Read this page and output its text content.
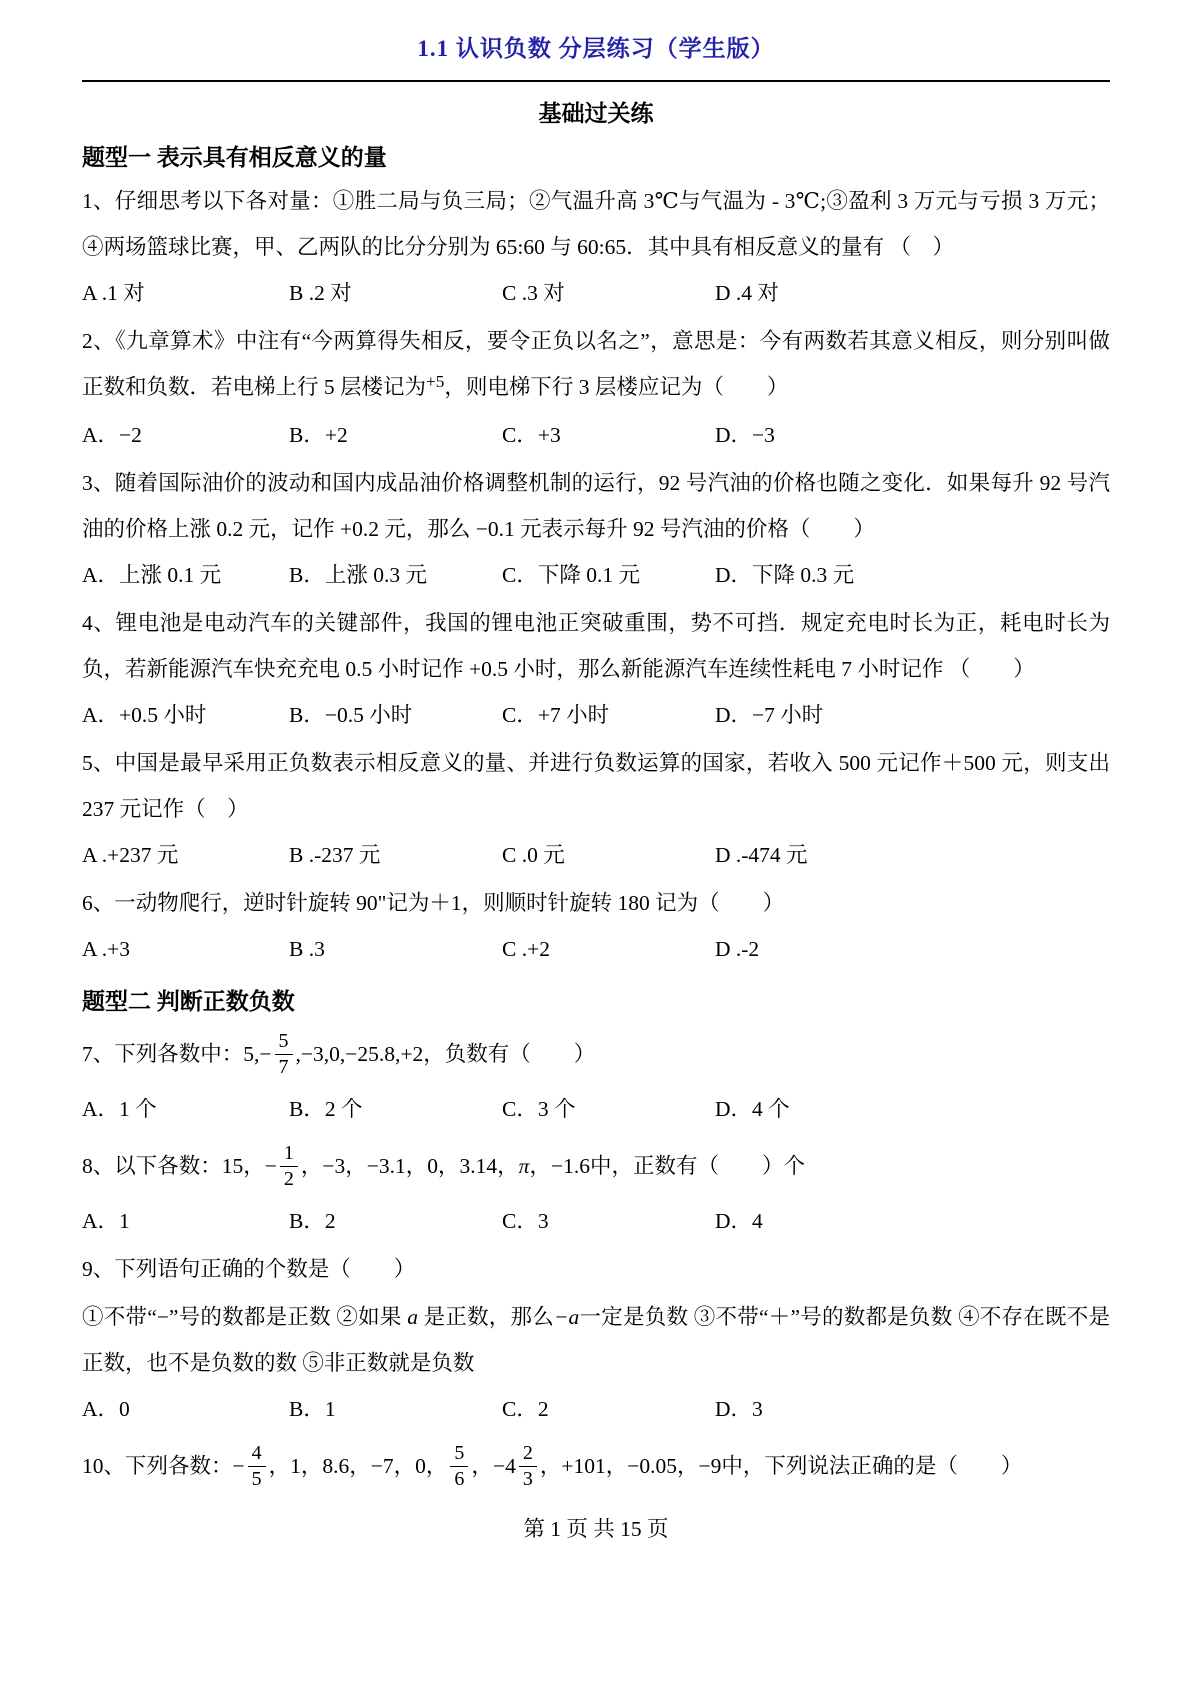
1.1 认识负数 分层练习（学生版）
基础过关练
题型一 表示具有相反意义的量

1、仔细思考以下各对量：①胜二局与负三局；②气温升高 3℃与气温为 - 3℃;③盈利 3 万元与亏损 3 万元；④两场篮球比赛，甲、乙两队的比分分别为 65:60 与 60:65．其中具有相反意义的量有 （　）

A .1 对	B .2 对	C .3 对	D .4 对

2、《九章算术》中注有“今两算得失相反，要令正负以名之”，意思是：今有两数若其意义相反，则分别叫做正数和负数．若电梯上行 5 层楼记为$^{+5}$，则电梯下行 3 层楼应记为（　　）

A．−2	B．+2	C．+3	D．−3

3、随着国际油价的波动和国内成品油价格调整机制的运行，92 号汽油的价格也随之变化．如果每升 92 号汽油的价格上涨 0.2 元，记作 +0.2 元，那么 −0.1 元表示每升 92 号汽油的价格（　　）

A．上涨 0.1 元	B．上涨 0.3 元	C．下降 0.1 元	D．下降 0.3 元

4、锂电池是电动汽车的关键部件，我国的锂电池正突破重围，势不可挡．规定充电时长为正，耗电时长为负，若新能源汽车快充充电 0.5 小时记作 +0.5 小时，那么新能源汽车连续性耗电 7 小时记作 （　　）

A．+0.5 小时	B．−0.5 小时	C．+7 小时	D．−7 小时

5、中国是最早采用正负数表示相反意义的量、并进行负数运算的国家，若收入 500 元记作＋500 元，则支出 237 元记作（　）

A .+237 元	B .-237 元	C .0 元	D .-474 元

6、一动物爬行，逆时针旋转 90"记为＋1，则顺时针旋转 180 记为（　　）

A .+3	B .3	C .+2	D .-2
题型二 判断正数负数

7、下列各数中：$5,- \frac{5}{7} ,-3,0,-25.8,+2$，负数有（　　）

A．1 个	B．2 个	C．3 个	D．4 个

8、以下各数：15，− $\frac{1}{2}$ ，−3，−3.1，0，3.14，π，−1.6中，正数有（　　）个

A．1	B．2	C．3	D．4

9、下列语句正确的个数是（　　）

①不带“−”号的数都是正数 ②如果 a 是正数，那么−a一定是负数 ③不带“＋”号的数都是负数 ④不存在既不是正数，也不是负数的数 ⑤非正数就是负数

A．0	B．1	C．2	D．3

10、下列各数：− $\frac{4}{5}$ ，1，8.6，−7，0， $\frac{5}{6}$ ，$-4 \frac{2}{3}$ ，+101，−0.05，−9中，下列说法正确的是（　　）

第 1 页 共 15 页
